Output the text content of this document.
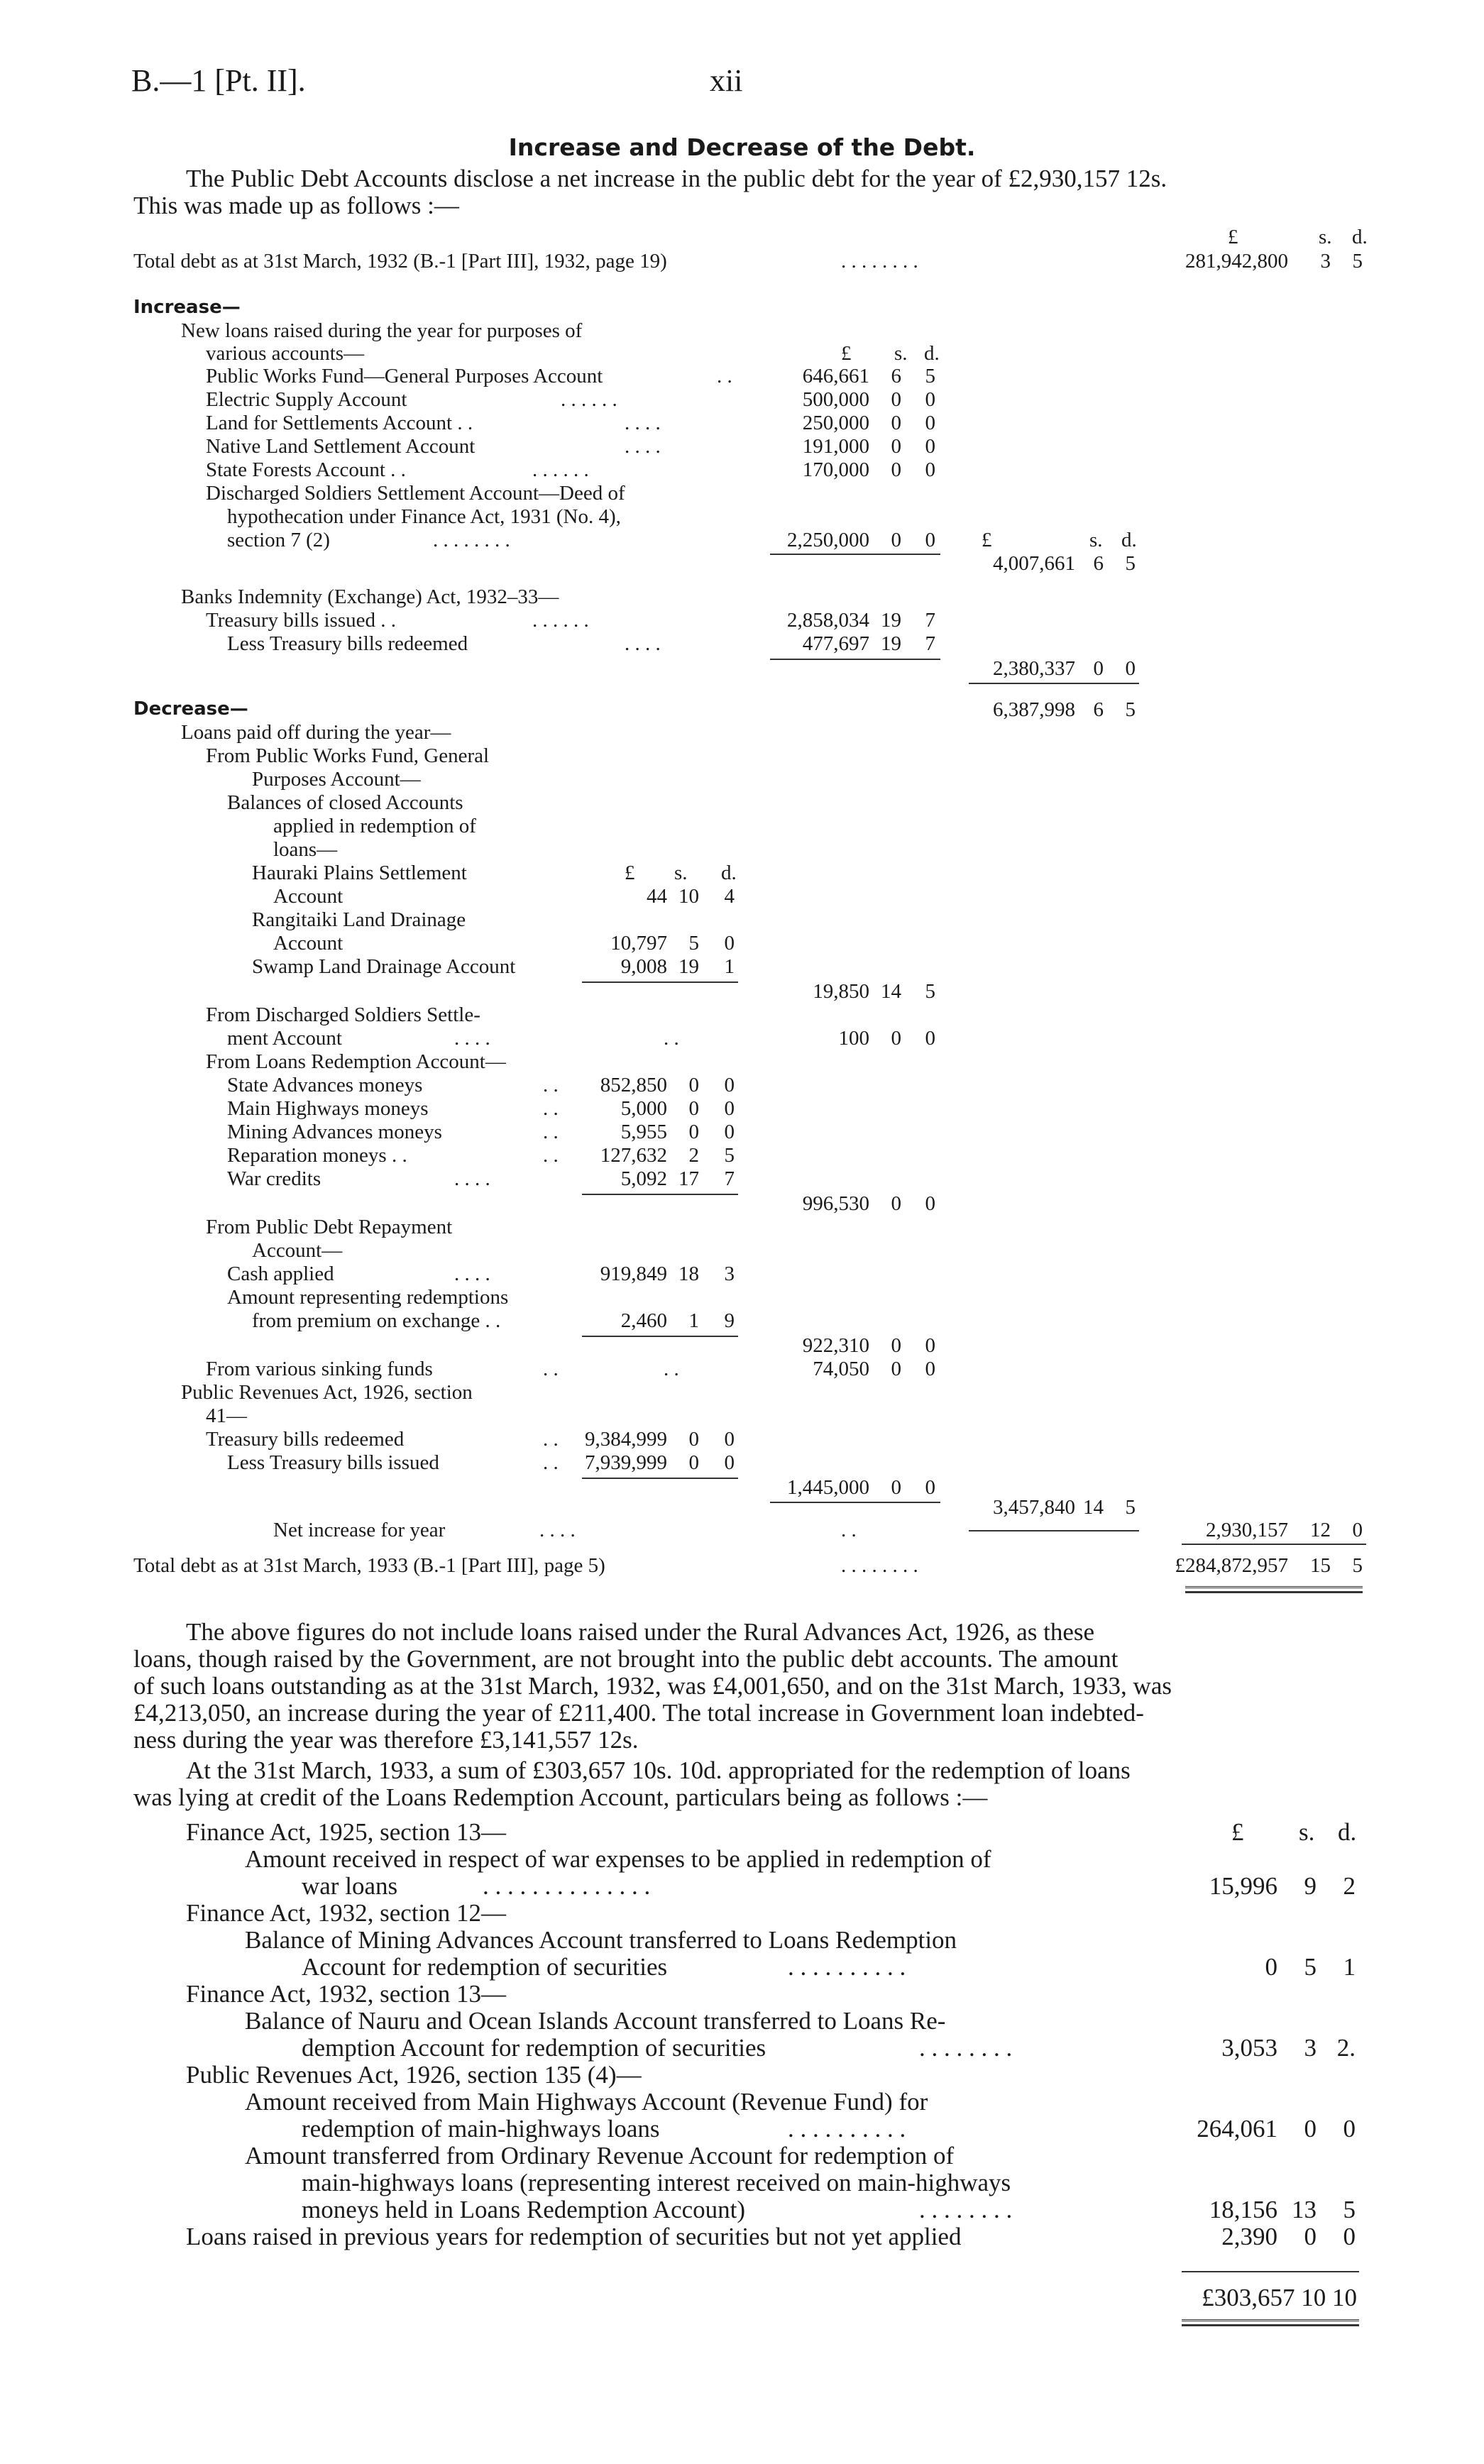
B.—1 [Pt. II].	xii
Increase and Decrease of the Debt.
The Public Debt Accounts disclose a net increase in the public debt for the year of £2,930,157 12s.
This was made up as follows :—
£	s. d.
Total debt as at 31st March, 1932 (B.-1 [Part III], 1932, page 19)	. . . . . . . .	281,942,800	3	5
Increase—
New loans raised during the year for purposes of
various accounts—	£ s. d.
Public Works Fund—General Purposes Account	. .	646,661	6	5
Electric Supply Account	. . . . . .	500,000	0	0
Land for Settlements Account . .	. . . .	250,000	0	0
Native Land Settlement Account	. . . .	191,000	0	0
State Forests Account . .	. . . . . .	170,000	0	0
Discharged Soldiers Settlement Account—Deed of
hypothecation under Finance Act, 1931 (No. 4),
section 7 (2)	. . . . . . . .	2,250,000	0	0 £	s. d.
4,007,661 6	5
Banks Indemnity (Exchange) Act, 1932–33—
Treasury bills issued . .	. . . . . .	2,858,034 19	7
Less Treasury bills redeemed	. . . .	477,697 19	7
2,380,337 0	0
Decrease—	6,387,998 6	5
Loans paid off during the year—
From Public Works Fund, General
Purposes Account—
Balances of closed Accounts
applied in redemption of
loans—
Hauraki Plains Settlement	£ s. d.
Account	44 10	4
Rangitaiki Land Drainage
Account	10,797	5	0
Swamp Land Drainage Account	9,008 19	1
19,850 14	5
From Discharged Soldiers Settle-
ment Account	. . . .	. .	100	0	0
From Loans Redemption Account—
State Advances moneys	. .	852,850	0	0
Main Highways moneys	. .	5,000	0	0
Mining Advances moneys	. .	5,955	0	0
Reparation moneys . .	. .	127,632	2	5
War credits	. . . .	5,092 17	7
996,530	0	0
From Public Debt Repayment
Account—
Cash applied	. . . .	919,849 18	3
Amount representing redemptions
from premium on exchange . .	2,460	1	9
922,310	0	0
From various sinking funds	. .	. .	74,050	0	0
Public Revenues Act, 1926, section
41—
Treasury bills redeemed	. .	9,384,999	0	0
Less Treasury bills issued	. .	7,939,999	0	0
1,445,000	0	0
3,457,840 14	5
Net increase for year	. . . .	. .	2,930,157 12	0
Total debt as at 31st March, 1933 (B.-1 [Part III], page 5)	. . . . . . . .	£284,872,957 15	5
The above figures do not include loans raised under the Rural Advances Act, 1926, as these
loans, though raised by the Government, are not brought into the public debt accounts. The amount
of such loans outstanding as at the 31st March, 1932, was £4,001,650, and on the 31st March, 1933, was
£4,213,050, an increase during the year of £211,400. The total increase in Government loan indebted-
ness during the year was therefore £3,141,557 12s.
At the 31st March, 1933, a sum of £303,657 10s. 10d. appropriated for the redemption of loans
was lying at credit of the Loans Redemption Account, particulars being as follows :—
£ s. d.
Finance Act, 1925, section 13—
Amount received in respect of war expenses to be applied in redemption of
war loans	. . . . . . . . . . . . . .	15,996	9	2
Finance Act, 1932, section 12—
Balance of Mining Advances Account transferred to Loans Redemption
Account for redemption of securities	. . . . . . . . . .	0	5	1
Finance Act, 1932, section 13—
Balance of Nauru and Ocean Islands Account transferred to Loans Re-
demption Account for redemption of securities	. . . . . . . .	3,053	3 2.
Public Revenues Act, 1926, section 135 (4)—
Amount received from Main Highways Account (Revenue Fund) for
redemption of main-highways loans	. . . . . . . . . .	264,061	0	0
Amount transferred from Ordinary Revenue Account for redemption of
main-highways loans (representing interest received on main-highways
moneys held in Loans Redemption Account)	. . . . . . . .	18,156 13	5
Loans raised in previous years for redemption of securities but not yet applied	2,390	0	0
£303,657 10 10
